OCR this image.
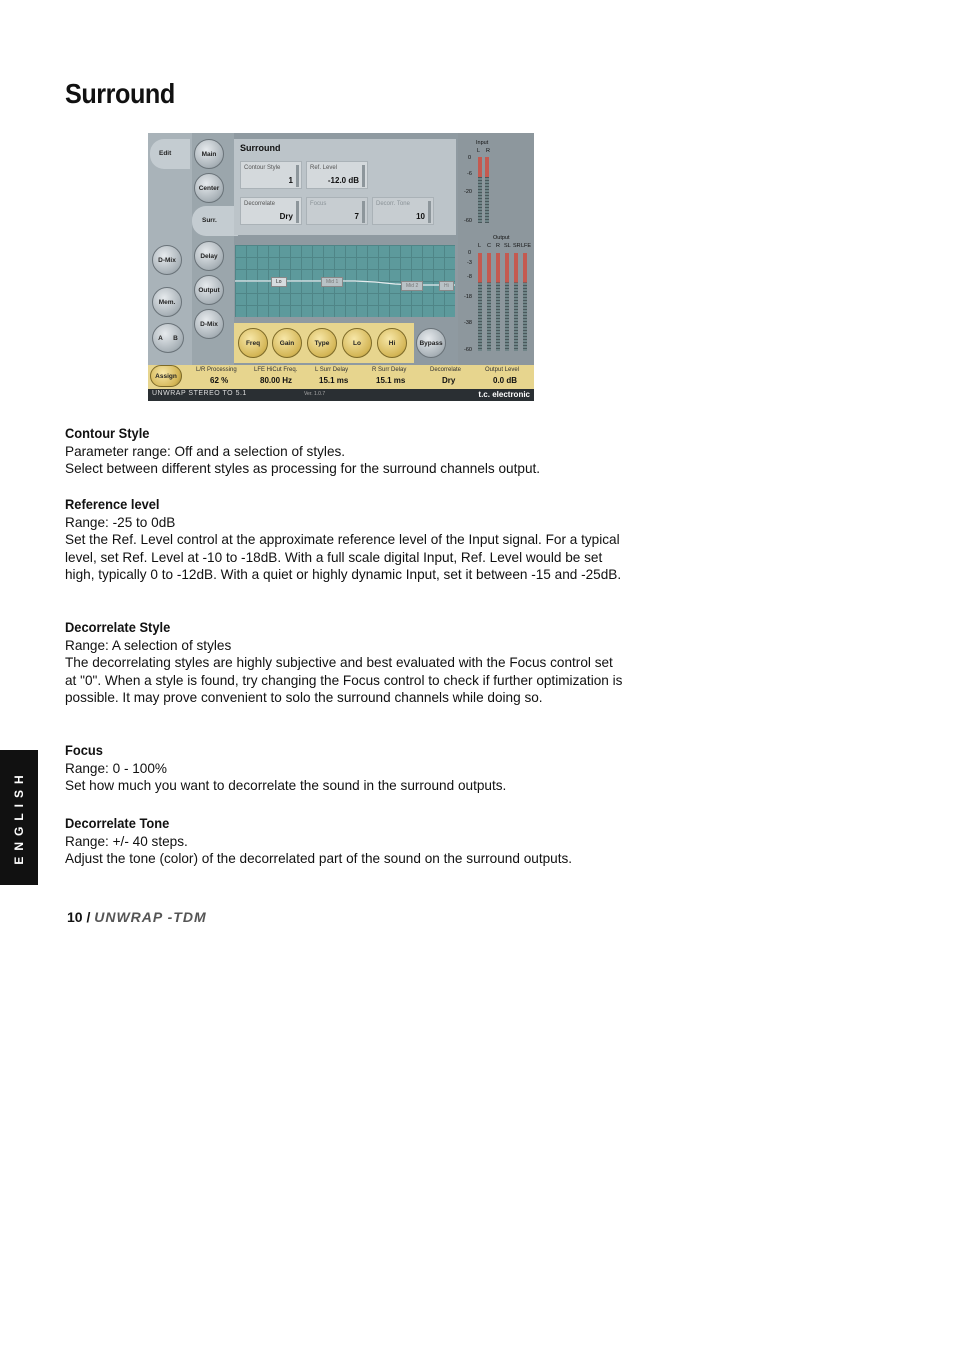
Surround
Edit
Surr.
D-Mix
Mem.
A B
Main
Center
Delay
Output
D-Mix
Surround
Contour Style
1
Ref. Level
-12.0 dB
Decorrelate
Dry
Focus
7
Decorr. Tone
10
Lo	Mid 1
Mid 2	Hi
Freq	Gain	Type	Lo	Hi	Bypass
Input
L R
0
-6
-20
-60
Output
L C R SL SR LFE
0
-3
-8
-18
-38
-60
Assign
L/R Processing
62 %
LFE HiCut Freq.
80.00 Hz
L Surr Delay
15.1 ms
R Surr Delay
15.1 ms
Decorrelate
Dry
Output Level
0.0 dB
UNWRAP STEREO TO 5.1	Ver. 1.0.7	t.c. electronic
Contour Style

Parameter range: Off and a selection of styles.

Select between different styles as processing for the surround channels output.

Reference level

Range: -25 to 0dB

Set the Ref. Level control at the approximate reference level of the Input signal. For a typical level, set Ref. Level at -10 to -18dB. With a full scale digital Input, Ref. Level would be set high, typically 0 to -12dB. With a quiet or highly dynamic Input, set it between -15 and -25dB.

Decorrelate Style

Range: A selection of styles

The decorrelating styles are highly subjective and best evaluated with the Focus control set at "0". When a style is found, try changing the Focus control to check if further optimization is possible. It may prove convenient to solo the surround channels while doing so.

Focus

Range: 0 - 100%

Set how much you want to decorrelate the sound in the surround outputs.

Decorrelate Tone

Range: +/- 40 steps.

Adjust the tone (color) of the decorrelated part of the sound on the surround outputs.

ENGLISH
10 / UNWRAP -TDM
